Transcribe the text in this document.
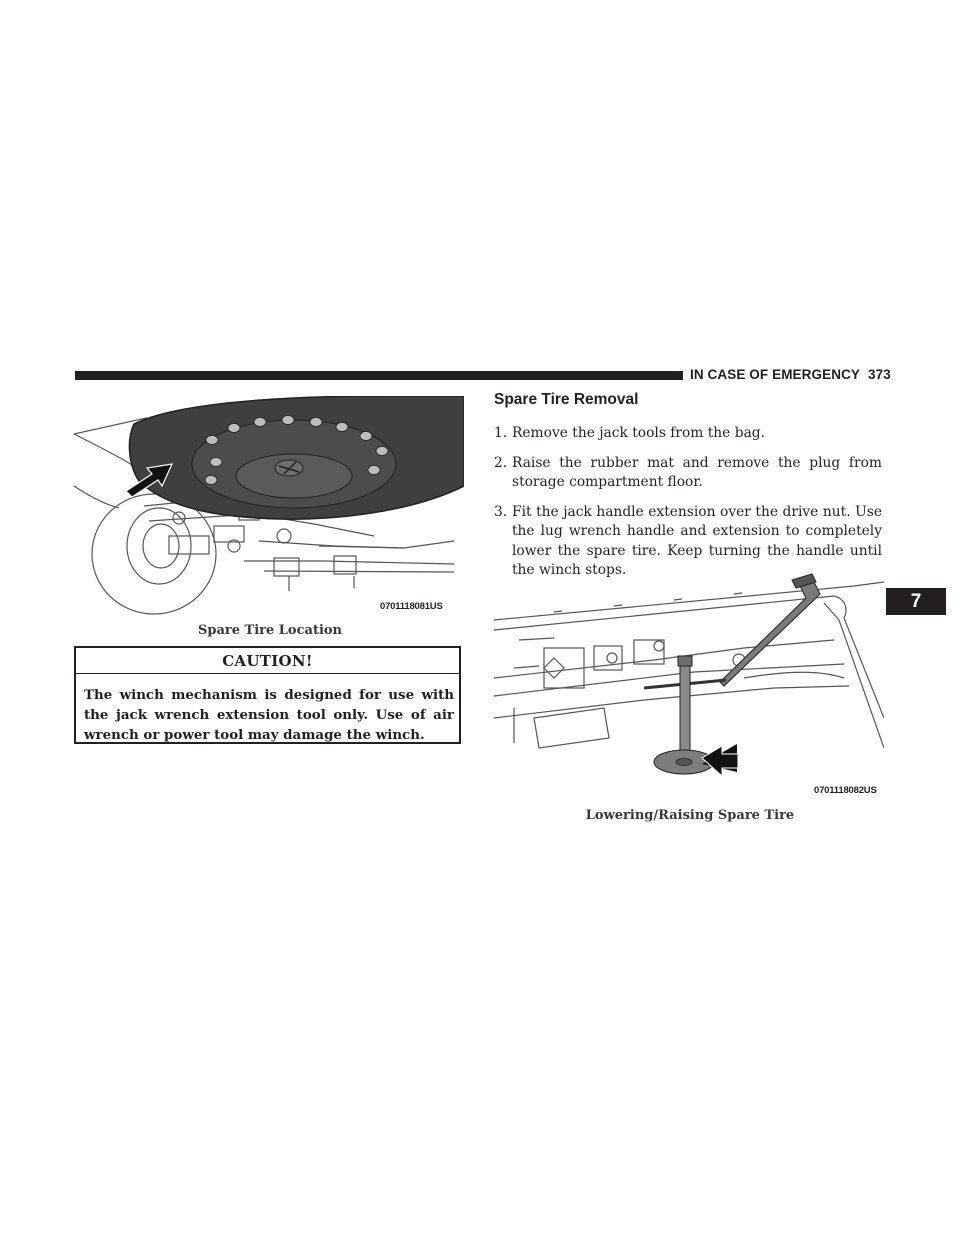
IN CASE OF EMERGENCY 373
7
0701118081US
Spare Tire Location
CAUTION!
The winch mechanism is designed for use with the jack wrench extension tool only. Use of air wrench or power tool may damage the winch.
Spare Tire Removal
1. Remove the jack tools from the bag.
2. Raise the rubber mat and remove the plug from storage compartment floor.
3. Fit the jack handle extension over the drive nut. Use the lug wrench handle and extension to completely lower the spare tire. Keep turning the handle until the winch stops.
0701118082US
Lowering/Raising Spare Tire
